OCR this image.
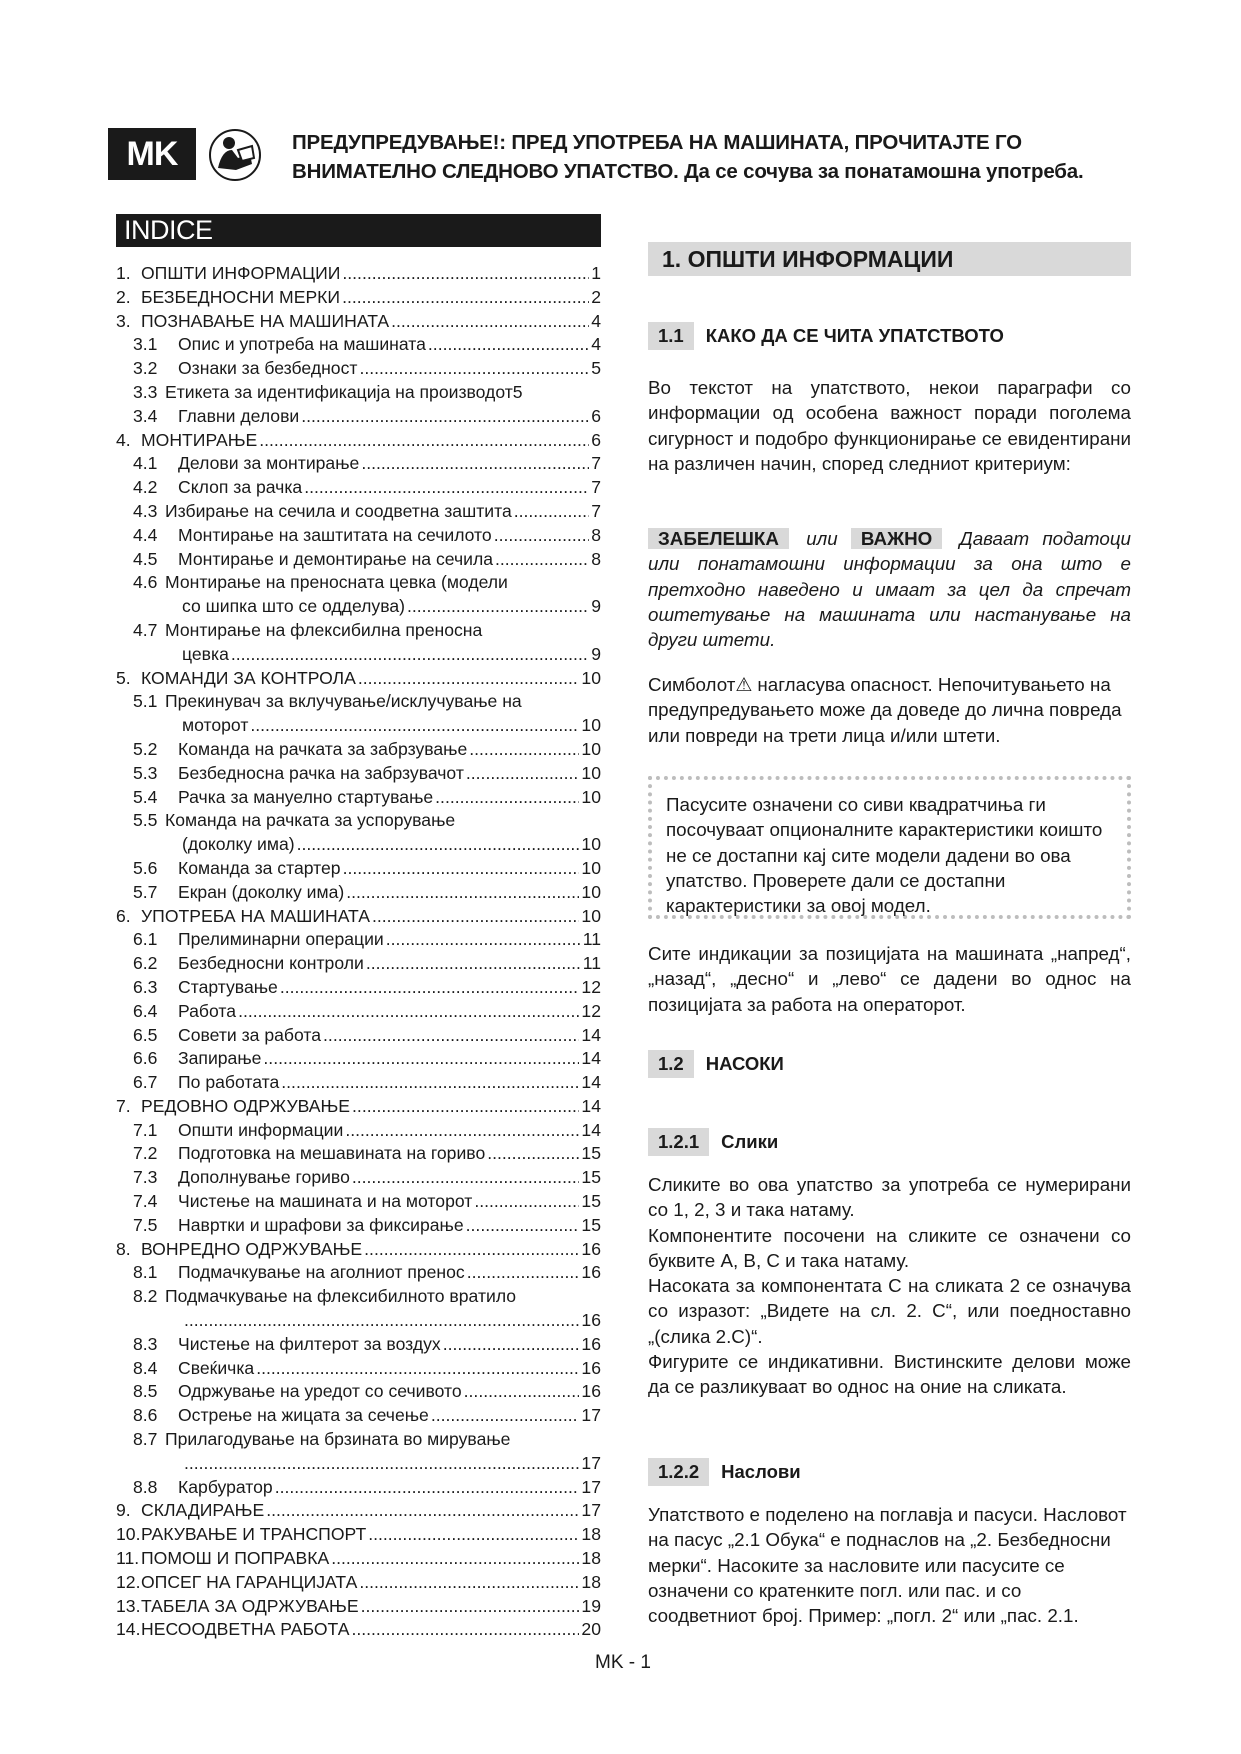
MK	ПРЕДУПРЕДУВАЊЕ!: ПРЕД УПОТРЕБА НА МАШИНАТА, ПРОЧИТАЈТЕ ГО ВНИМАТЕЛНО СЛЕДНОВО УПАТСТВО. Да се сочува за понатамошна употреба.
INDICE
1. ОПШТИ ИНФОРМАЦИИ .....	1
2. БЕЗБЕДНОСНИ МЕРКИ .....	2
3. ПОЗНАВАЊЕ НА МАШИНАТА .....	4
3.1	Опис и употреба на машината .....	4
3.2	Ознаки за безбедност .....	5
3.3 Етикета за идентификација на производот 5
3.4	Главни делови .....	6
4. МОНТИРАЊЕ .....	6
4.1	Делови за монтирање .....	7
4.2	Склоп за рачка .....	7
4.3 Избирање на сечила и соодветна заштита .....	7
4.4	Монтирање на заштитата на сечилото .....	8
4.5	Монтирање и демонтирање на сечила .....	8
4.6 Монтирање на преносната цевка (модели
со шипка што се одделува) .....	9
4.7 Монтирање на флексибилна преносна
цевка .....	9
5. КОМАНДИ ЗА КОНТРОЛА .....	10
5.1 Прекинувач за вклучување/исклучување на
моторот .....	10
5.2	Команда на рачката за забрзување .....	10
5.3	Безбедносна рачка на забрзувачот .....	10
5.4	Рачка за мануелно стартување .....	10
5.5 Команда на рачката за успорување
(доколку има) .....	10
5.6	Команда за стартер .....	10
5.7	Екран (доколку има) .....	10
6. УПОТРЕБА НА МАШИНАТА .....	10
6.1	Прелиминарни операции .....	11
6.2	Безбедносни контроли .....	11
6.3	Стартување .....	12
6.4	Работа .....	12
6.5	Совети за работа .....	14
6.6	Запирање .....	14
6.7	По работата .....	14
7. РЕДОВНО ОДРЖУВАЊЕ .....	14
7.1	Општи информации .....	14
7.2	Подготовка на мешавината на гориво .....	15
7.3	Дополнување гориво .....	15
7.4	Чистење на машината и на моторот .....	15
7.5	Навртки и шрафови за фиксирање .....	15
8. ВОНРЕДНО ОДРЖУВАЊЕ .....	16
8.1	Подмачкување на аголниот пренос .....	16
8.2 Подмачкување на флексибилното вратило
.....
16
8.3	Чистење на филтерот за воздух .....	16
8.4	Свеќичка .....	16
8.5	Одржување на уредот со сечивото .....	16
8.6	Острење на жицата за сечење .....	17
8.7 Прилагодување на брзината во мирување
.....
17
8.8	Карбуратор .....	17
9. СКЛАДИРАЊЕ .....	17
10. РАКУВАЊЕ И ТРАНСПОРТ .....	18
11. ПОМОШ И ПОПРАВКА .....	18
12. ОПСЕГ НА ГАРАНЦИЈАТА .....	18
13. ТАБЕЛА ЗА ОДРЖУВАЊЕ .....	19
14. НЕСООДВЕТНА РАБОТА .....	20
1. ОПШТИ ИНФОРМАЦИИ
1.1	КАКО ДА СЕ ЧИТА УПАТСТВОТО
Во текстот на упатството, некои параграфи со информации од особена важност поради поголема сигурност и подобро функционирање се евидентирани на различен начин, според следниот критериум:
ЗАБЕЛЕШКА или ВАЖНО Даваат податоци или понатамошни информации за она што е претходно наведено и имаат за цел да спречат оштетување на машината или настанување на други штети.
Симболот⚠ нагласува опасност. Непочитувањето на предупредувањето може да доведе до лична повреда или повреди на трети лица и/или штети.
Пасусите означени со сиви квадратчиња ги посочуваат опционалните карактеристики коишто не се достапни кај сите модели дадени во ова упатство. Проверете дали се достапни карактеристики за овој модел.
Сите индикации за позицијата на машината „напред“, „назад“, „десно“ и „лево“ се дадени во однос на позицијата за работа на операторот.
1.2	НАСОКИ
1.2.1	Слики
Сликите во ова упатство за употреба се нумерирани со 1, 2, 3 и така натаму.
Компонентите посочени на сликите се означени со буквите А, B, C и така натаму.
Насоката за компонентата C на сликата 2 се означува со изразот: „Видете на сл. 2. C“, или поедноставно „(слика 2.C)“.
Фигурите се индикативни. Вистинските делови може да се разликуваат во однос на оние на сликата.
1.2.2	Наслови
Упатството е поделено на поглавја и пасуси. Насловот на пасус „2.1 Обука“ е поднаслов на „2. Безбедносни мерки“. Насоките за насловите или пасусите се означени со кратенките погл. или пас. и со соодветниот број. Пример: „погл. 2“ или „пас. 2.1.
MK - 1
